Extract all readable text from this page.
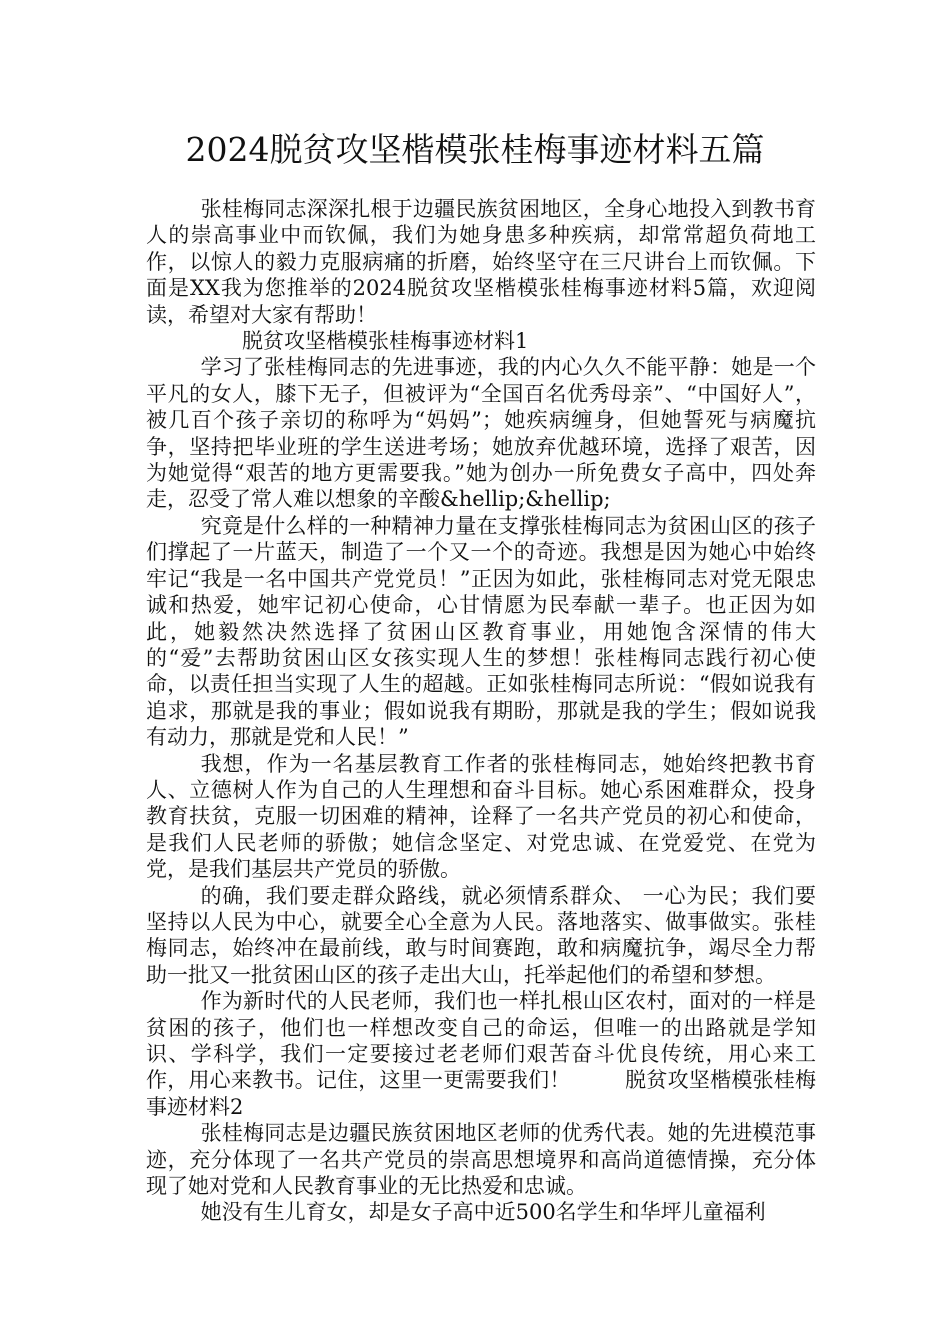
2024脱贫攻坚楷模张桂梅事迹材料五篇

张桂梅同志深深扎根于边疆民族贫困地区，全身心地投入到教书育人的崇高事业中而钦佩，我们为她身患多种疾病，却常常超负荷地工作，以惊人的毅力克服病痛的折磨，始终坚守在三尺讲台上而钦佩。下面是XX我为您推举的2024脱贫攻坚楷模张桂梅事迹材料5篇，欢迎阅读，希望对大家有帮助！

脱贫攻坚楷模张桂梅事迹材料1

学习了张桂梅同志的先进事迹，我的内心久久不能平静：她是一个平凡的女人，膝下无子，但被评为“全国百名优秀母亲”、“中国好人”，被几百个孩子亲切的称呼为“妈妈”；她疾病缠身，但她誓死与病魔抗争，坚持把毕业班的学生送进考场；她放弃优越环境，选择了艰苦，因为她觉得“艰苦的地方更需要我。”她为创办一所免费女子高中，四处奔走，忍受了常人难以想象的辛酸&hellip;&hellip;

究竟是什么样的一种精神力量在支撑张桂梅同志为贫困山区的孩子们撑起了一片蓝天，制造了一个又一个的奇迹。我想是因为她心中始终牢记“我是一名中国共产党党员！”正因为如此，张桂梅同志对党无限忠诚和热爱，她牢记初心使命，心甘情愿为民奉献一辈子。也正因为如此，她毅然决然选择了贫困山区教育事业，用她饱含深情的伟大的“爱”去帮助贫困山区女孩实现人生的梦想！张桂梅同志践行初心使命，以责任担当实现了人生的超越。正如张桂梅同志所说：“假如说我有追求，那就是我的事业；假如说我有期盼，那就是我的学生；假如说我有动力，那就是党和人民！”

我想，作为一名基层教育工作者的张桂梅同志，她始终把教书育人、立德树人作为自己的人生理想和奋斗目标。她心系困难群众，投身教育扶贫，克服一切困难的精神，诠释了一名共产党员的初心和使命，是我们人民老师的骄傲；她信念坚定、对党忠诚、在党爱党、在党为党，是我们基层共产党员的骄傲。

的确，我们要走群众路线，就必须情系群众、 一心为民；我们要坚持以人民为中心，就要全心全意为人民。落地落实、做事做实。张桂梅同志，始终冲在最前线，敢与时间赛跑，敢和病魔抗争，竭尽全力帮助一批又一批贫困山区的孩子走出大山，托举起他们的希望和梦想。

作为新时代的人民老师，我们也一样扎根山区农村，面对的一样是贫困的孩子，他们也一样想改变自己的命运，但唯一的出路就是学知识、学科学，我们一定要接过老老师们艰苦奋斗优良传统，用心来工作，用心来教书。记住，这里一更需要我们！	脱贫攻坚楷模张桂梅事迹材料2

张桂梅同志是边疆民族贫困地区老师的优秀代表。她的先进模范事迹，充分体现了一名共产党员的崇高思想境界和高尚道德情操，充分体现了她对党和人民教育事业的无比热爱和忠诚。

她没有生儿育女，却是女子高中近500名学生和华坪儿童福利
